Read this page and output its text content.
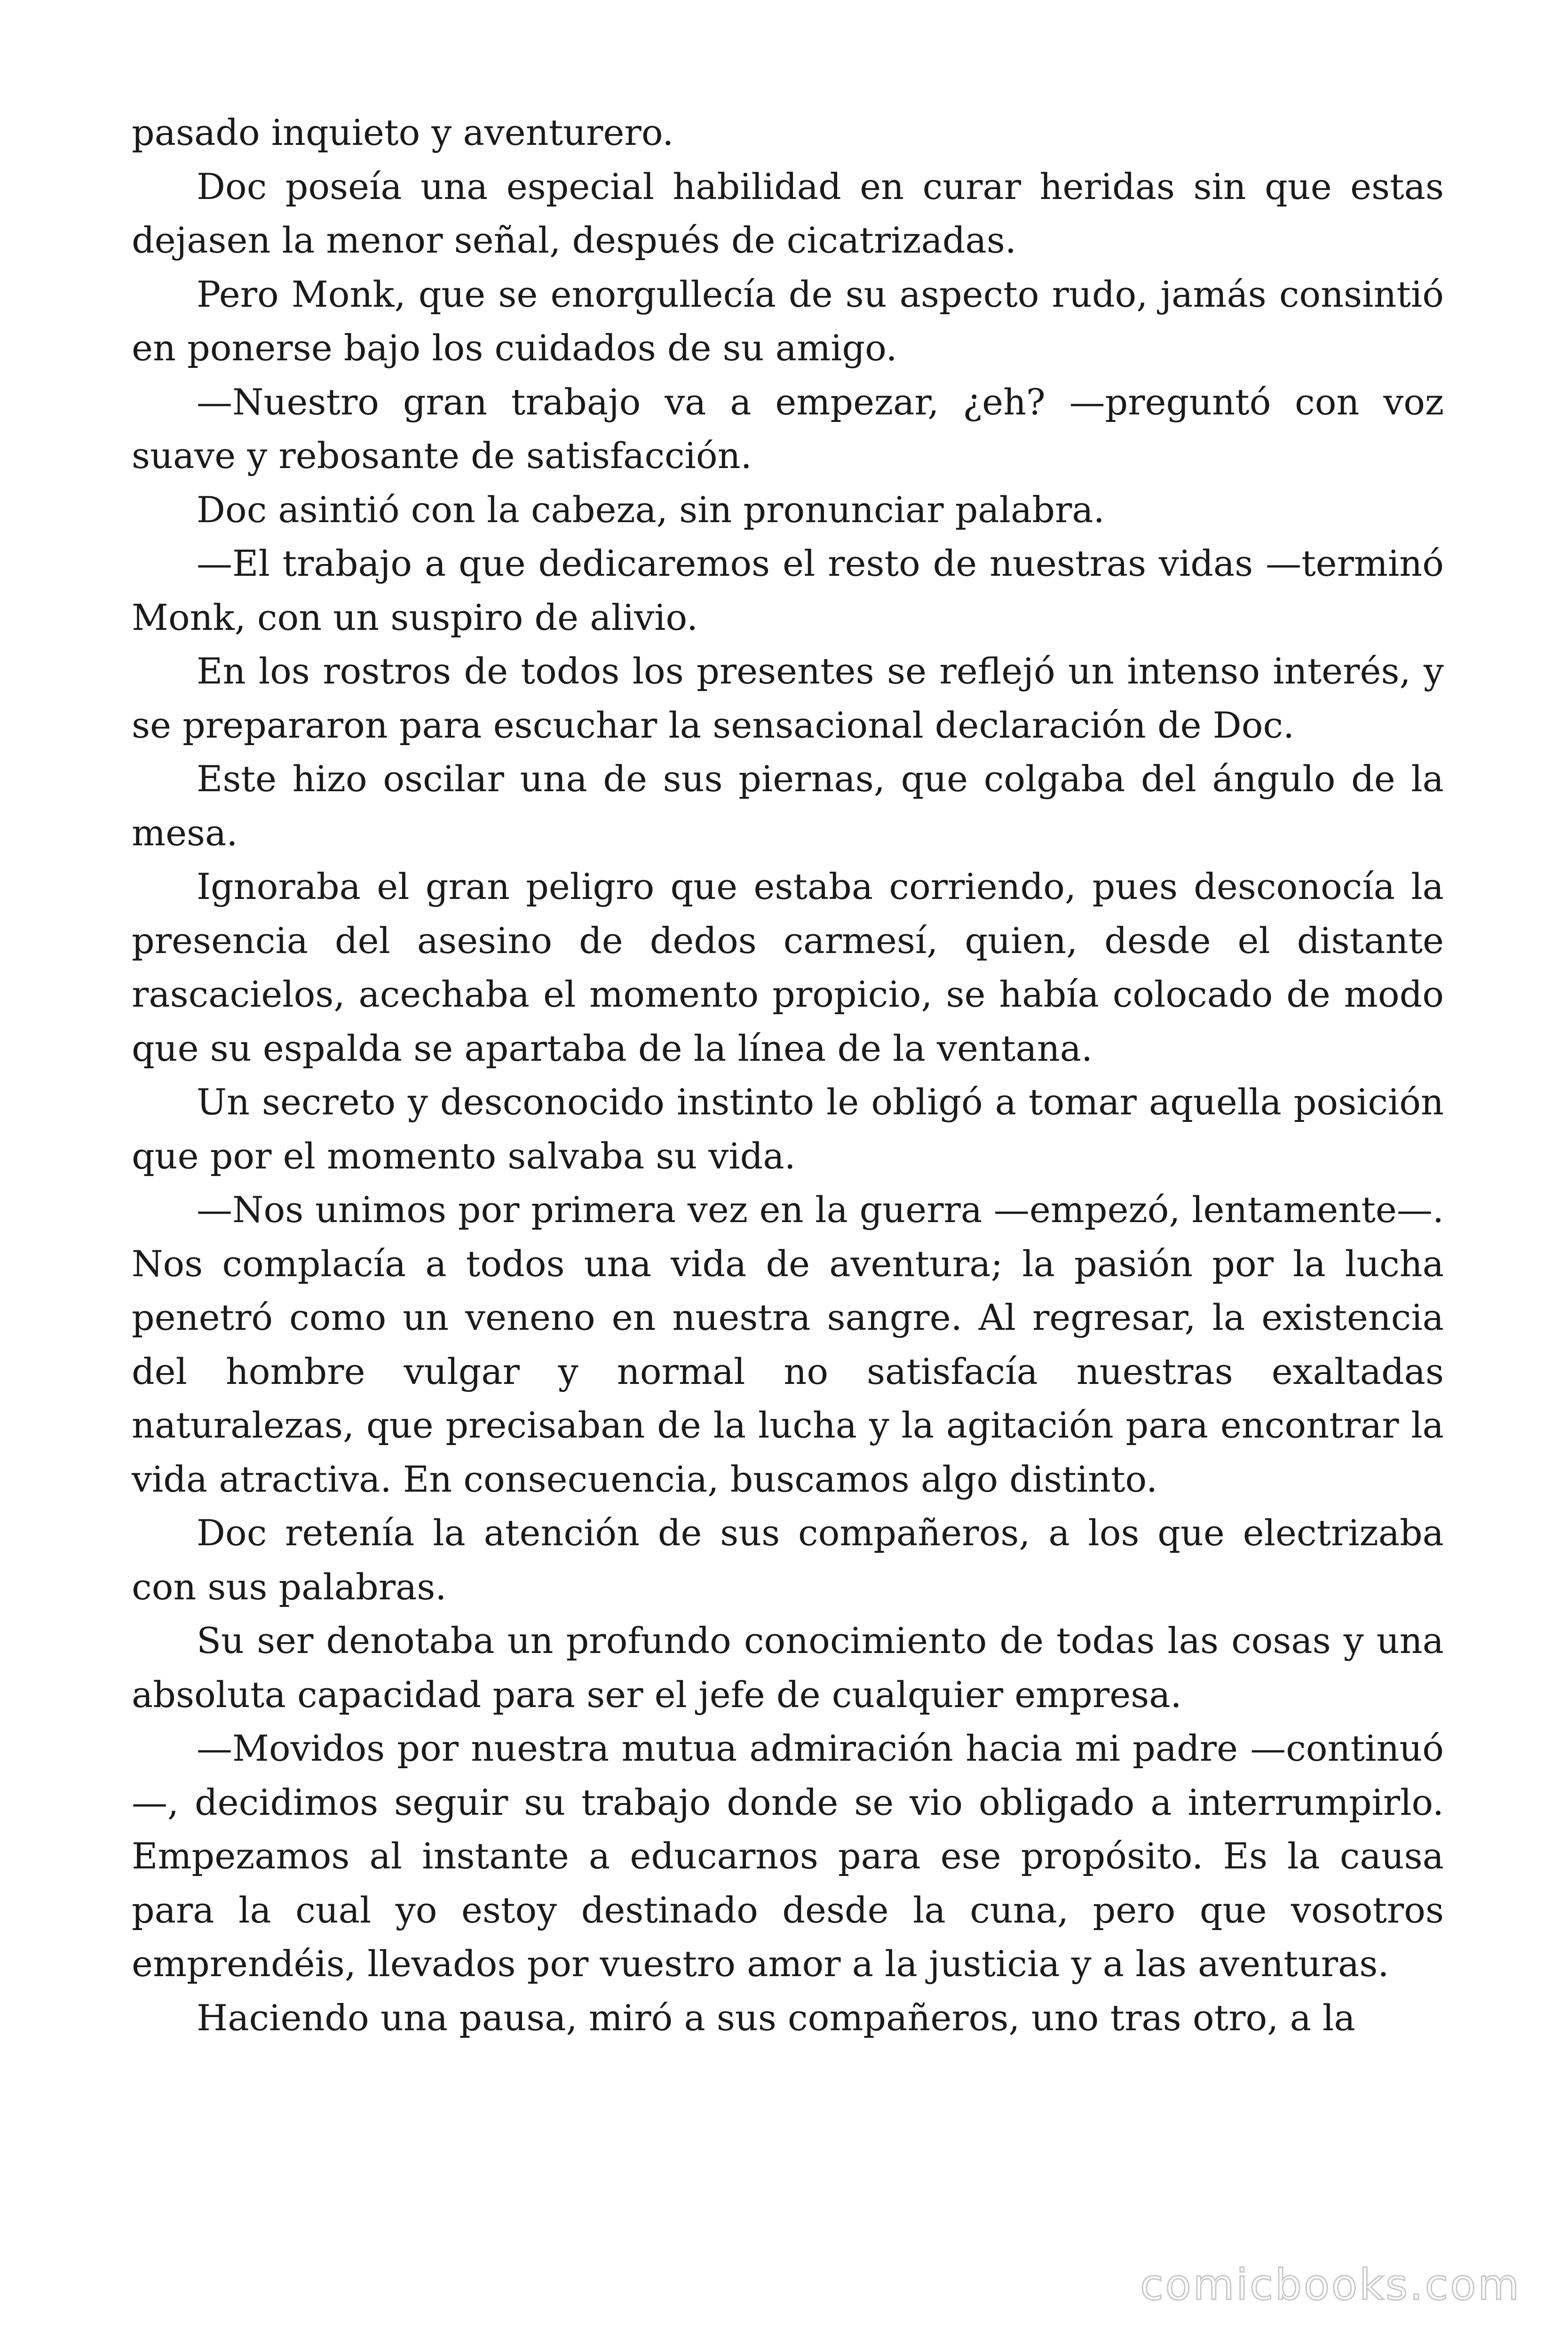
pasado inquieto y aventurero.

Doc poseía una especial habilidad en curar heridas sin que estas dejasen la menor señal, después de cicatrizadas.

Pero Monk, que se enorgullecía de su aspecto rudo, jamás consintió en ponerse bajo los cuidados de su amigo.

—Nuestro gran trabajo va a empezar, ¿eh? —preguntó con voz suave y rebosante de satisfacción.

Doc asintió con la cabeza, sin pronunciar palabra.

—El trabajo a que dedicaremos el resto de nuestras vidas —terminó Monk, con un suspiro de alivio.

En los rostros de todos los presentes se reflejó un intenso interés, y se prepararon para escuchar la sensacional declaración de Doc.

Este hizo oscilar una de sus piernas, que colgaba del ángulo de la mesa.

Ignoraba el gran peligro que estaba corriendo, pues desconocía la presencia del asesino de dedos carmesí, quien, desde el distante rascacielos, acechaba el momento propicio, se había colocado de modo que su espalda se apartaba de la línea de la ventana.

Un secreto y desconocido instinto le obligó a tomar aquella posición que por el momento salvaba su vida.

—Nos unimos por primera vez en la guerra —empezó, lentamente—. Nos complacía a todos una vida de aventura; la pasión por la lucha penetró como un veneno en nuestra sangre. Al regresar, la existencia del hombre vulgar y normal no satisfacía nuestras exaltadas naturalezas, que precisaban de la lucha y la agitación para encontrar la vida atractiva. En consecuencia, buscamos algo distinto.

Doc retenía la atención de sus compañeros, a los que electrizaba con sus palabras.

Su ser denotaba un profundo conocimiento de todas las cosas y una absoluta capacidad para ser el jefe de cualquier empresa.

—Movidos por nuestra mutua admiración hacia mi padre —continuó—, decidimos seguir su trabajo donde se vio obligado a interrumpirlo. Empezamos al instante a educarnos para ese propósito. Es la causa para la cual yo estoy destinado desde la cuna, pero que vosotros emprendéis, llevados por vuestro amor a la justicia y a las aventuras.

Haciendo una pausa, miró a sus compañeros, uno tras otro, a la

comicbooks.com
